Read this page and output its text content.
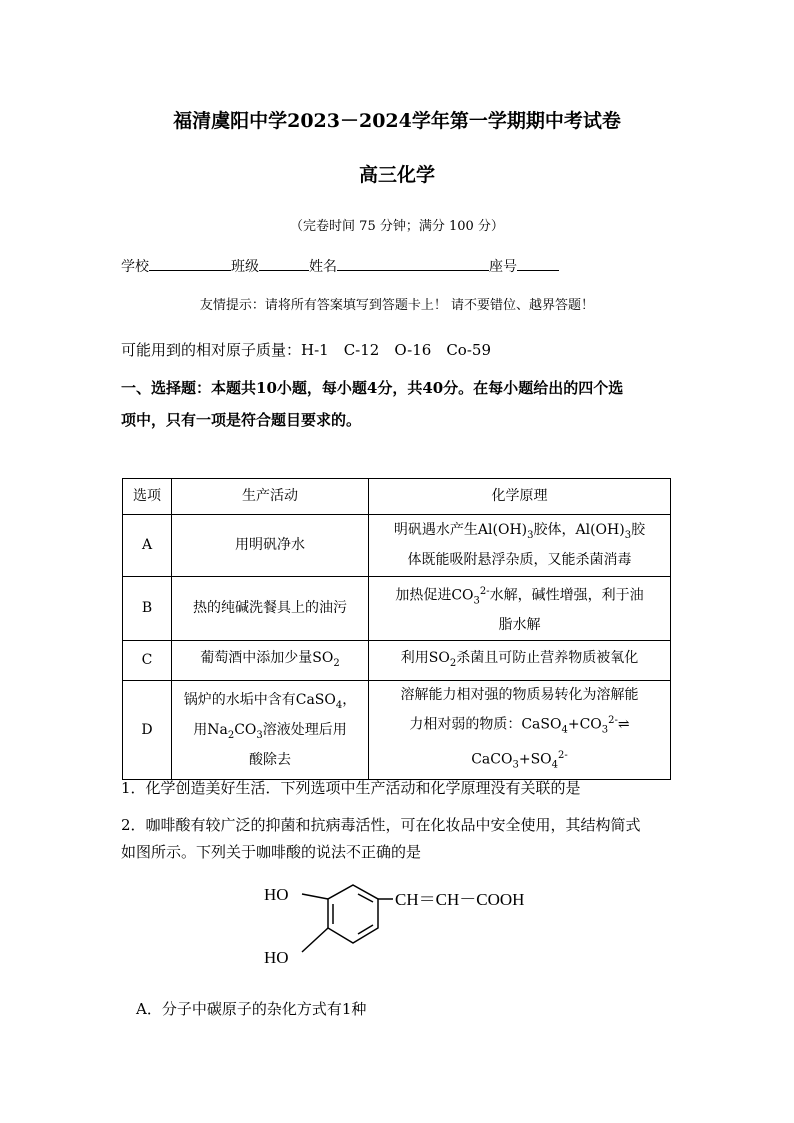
福清虞阳中学2023－2024学年第一学期期中考试卷
高三化学
（完卷时间 75 分钟；满分 100 分）
学校	班级	姓名	座号
友情提示：请将所有答案填写到答题卡上！ 请不要错位、越界答题！
可能用到的相对原子质量：H-1　C-12　O-16　Co-59
一、选择题：本题共10小题，每小题4分，共40分。在每小题给出的四个选
项中，只有一项是符合题目要求的。
选项	生产活动	化学原理
A	用明矾净水	明矾遇水产生$Al(OH)_3$胶体，$Al(OH)_3$胶
体既能吸附悬浮杂质，又能杀菌消毒
B	热的纯碱洗餐具上的油污	加热促进$CO_3^{2-}$水解，碱性增强，利于油
脂水解
C	葡萄酒中添加少量$SO_2$	利用$SO_2$杀菌且可防止营养物质被氧化
D	锅炉的水垢中含有CaSO$_4$，
用$Na_2CO_3$溶液处理后用
酸除去	溶解能力相对强的物质易转化为溶解能
力相对弱的物质：$CaSO_4+CO_3^{2-}\rightleftharpoons$
$CaCO_3+SO_4^{2-}$
1．化学创造美好生活．下列选项中生产活动和化学原理没有关联的是
2．咖啡酸有较广泛的抑菌和抗病毒活性，可在化妆品中安全使用，其结构简式
如图所示。下列关于咖啡酸的说法不正确的是
HO
HO
CH＝CH－COOH
A．分子中碳原子的杂化方式有1种
